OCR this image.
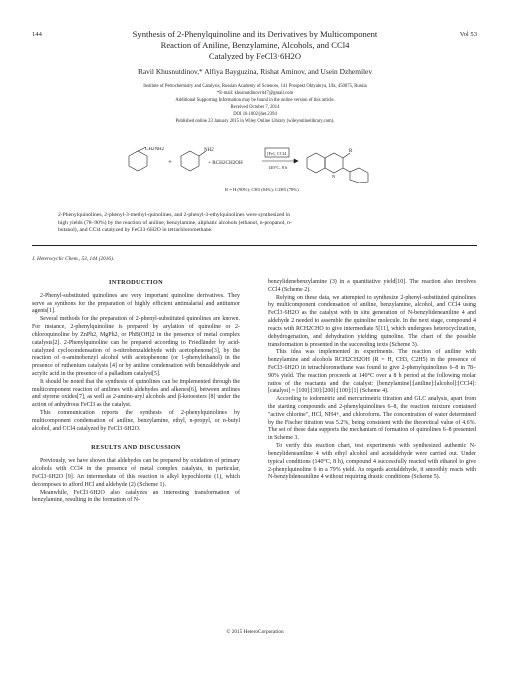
144	Vol 53
Synthesis of 2-Phenylquinoline and its Derivatives by Multicomponent
Reaction of Aniline, Benzylamine, Alcohols, and CCl4
Catalyzed by FeCl3·6H2O
Ravil Khusnutdinov,* Alfiya Bayguzina, Rishat Aminov, and Usein Dzhemilev
Institute of Petrochemistry and Catalysis, Russian Academy of Sciences, 141 Prospekt Oktyabrya, Ufa, 450075, Russia
*E-mail: khusnutdinovrit47@gmail.com
Additional Supporting Information may be found in the online version of this article.
Received October 7, 2014
DOI 10.1002/jhet.2394
Published online 23 January 2015 in Wiley Online Library (wileyonlinelibrary.com).
CH2NH2
+
NH2
+ RCH2CH2OH
[Fe], CCl4
140°C, 8 h
R
N
R = H (90%); CH3 (84%); C2H5 (78%)
2-Phenylquinolines, 2-phenyl-3-methyl-quinolines, and 2-phenyl-3-ethylquinolines were synthesized in
high yields (78–90%) by the reaction of aniline, benzylamine, aliphatic alcohols (ethanol, n-propanol, n-
butanol), and CCl4 catalyzed by FeCl3·6H2O in tetrachloromethane.
J. Heterocyclic Chem., 53, 144 (2016).
INTRODUCTION

2-Phenyl-substituted quinolines are very important quinoline derivatives. They serve as synthons for the preparation of highly efficient antimalarial and antitumor agents[1].

Several methods for the preparation of 2-phenyl-substituted quinolines are known. For instance, 2-phenylquinoline is prepared by arylation of quinoline or 2-chloroquinoline by ZnPh2, MgPh2, or PhB(OH)2 in the presence of metal complex catalysts[2]. 2-Phenylquinoline can be prepared according to Friedländer by acid-catalyzed cyclocondensation of o-nitrobenzaldehyde with acetophenone[3], by the reaction of o-aminobenzyl alcohol with acetophenone (or 1-phenylethanol) in the presence of ruthenium catalysts [4] or by aniline condensation with benzaldehyde and acrylic acid in the presence of a palladium catalyst[5].

It should be noted that the synthesis of quinolines can be implemented through the multicomponent reaction of anilines with aldehydes and alkenes[6], between anilines and styrene oxides[7], as well as 2-amino-aryl alcohols and β-ketoesters [8] under the action of anhydrous FeCl3 as the catalyst.

This communication reports the synthesis of 2-phenylquinolines by multicomponent condensation of aniline, benzylamine, ethyl, n-propyl, or n-butyl alcohol, and CCl4 catalyzed by FeCl3·6H2O.

RESULTS AND DISCUSSION

Previously, we have shown that aldehydes can be prepared by oxidation of primary alcohols with CCl4 in the presence of metal complex catalysts, in particular, FeCl3·6H2O [9]. An intermediate of this reaction is alkyl hypochlorite (1), which decomposes to afford HCl and aldehyde (2) (Scheme 1).

Meanwhile, FeCl3·6H2O also catalyzes an interesting transformation of benzylamine, resulting in the formation of N-

benzylidenebenzylamine (3) in a quantitative yield[10]. The reaction also involves CCl4 (Scheme 2).

Relying on these data, we attempted to synthesize 2-phenyl-substituted quinolines by multicomponent condensation of aniline, benzylamine, alcohol, and CCl4 using FeCl3·6H2O as the catalyst with in situ generation of N-benzylideneaniline 4 and aldehyde 2 needed to assemble the quinoline molecule. In the next stage, compound 4 reacts with RCH2CHO to give intermediate 5[11], which undergoes heterocyclization, dehydrogenation, and dehydration yielding quinoline. The chart of the possible transformation is presented in the succeeding texts (Scheme 3).

This idea was implemented in experiments. The reaction of aniline with benzylamine and alcohols RCH2CH2OH (R = H, CH3, C2H5) in the presence of FeCl3·6H2O in tetrachloromethane was found to give 2-phenylquinolines 6–8 in 78–90% yield. The reaction proceeds at 140°C over a 8 h period at the following molar ratios of the reactants and the catalyst: [benzylamine]:[aniline]:[alcohol]:[CCl4]:[catalyst] = [100]:[30]:[200]:[100]:[1] (Scheme 4).

According to iodometric and mercurimetric titration and GLC analysis, apart from the starting compounds and 2-phenylquinolines 6–8, the reaction mixture contained "active chlorine", HCl, NH4+, and chloroform. The concentration of water determined by the Fischer titration was 5.2%, being consistent with the theoretical value of 4.6%. The set of these data supports the mechanism of formation of quinolines 6–8 presented in Scheme 3.

To verify this reaction chart, test experiments with synthesized authentic N-benzylideneaniline 4 with ethyl alcohol and acetaldehyde were carried out. Under typical conditions (140°C, 8 h), compound 4 successfully reacted with ethanol to give 2-phenylquinoline 6 in a 79% yield. As regards acetaldehyde, it smoothly reacts with N-benzylideneaniline 4 without requiring drastic conditions (Scheme 5).

© 2015 HeteroCorporation
